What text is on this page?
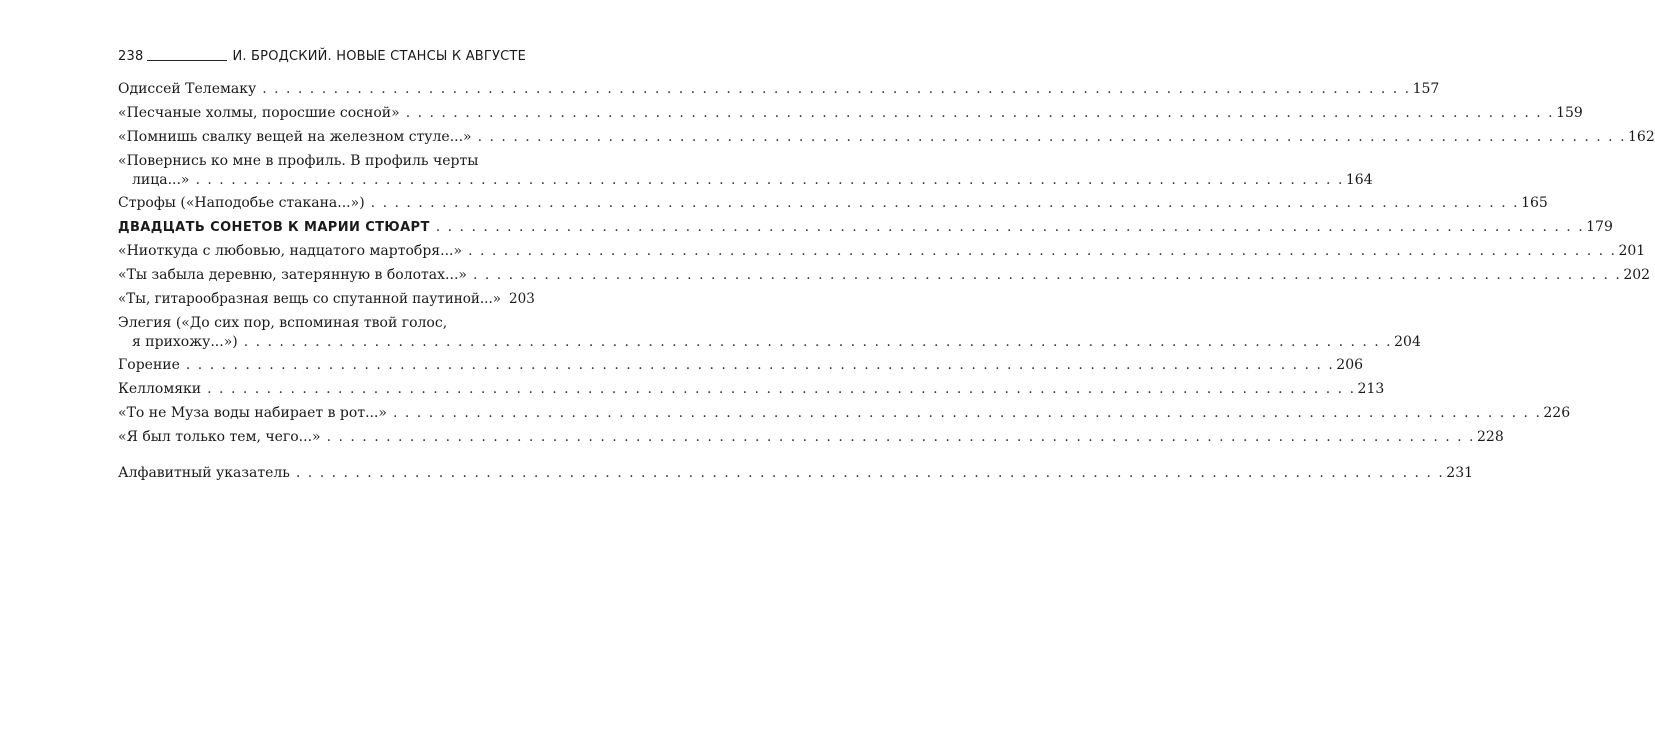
238	И. БРОДСКИЙ. НОВЫЕ СТАНСЫ К АВГУСТЕ
Одиссей Телемаку . . . . . . . . . . . . . . . . . . . . . . . . . . . . . . . . . . . . . . . . . . . . . . . . . . . . . . . . . . . . . . . . . . . . . . . . . . . . . . . . . . . . . . . . . . . . . . . . . 157
«Песчаные холмы, поросшие сосной» . . . . . . . . . . . . . . . . . . . . . . . . . . . . . . . . . . . . . . . . . . . . . . . . . . . . . . . . . . . . . . . . . . . . . . . . . . . . . . . . . . . . . . . . . . . . . . . . . 159
«Помнишь свалку вещей на железном стуле...» . . . . . . . . . . . . . . . . . . . . . . . . . . . . . . . . . . . . . . . . . . . . . . . . . . . . . . . . . . . . . . . . . . . . . . . . . . . . . . . . . . . . . . . . . . . . . . . . . 162
«Повернись ко мне в профиль. В профиль черты
лица...» . . . . . . . . . . . . . . . . . . . . . . . . . . . . . . . . . . . . . . . . . . . . . . . . . . . . . . . . . . . . . . . . . . . . . . . . . . . . . . . . . . . . . . . . . . . . . . . . . 164
Строфы («Наподобье стакана...») . . . . . . . . . . . . . . . . . . . . . . . . . . . . . . . . . . . . . . . . . . . . . . . . . . . . . . . . . . . . . . . . . . . . . . . . . . . . . . . . . . . . . . . . . . . . . . . . . 165
ДВАДЦАТЬ СОНЕТОВ К МАРИИ СТЮАРТ . . . . . . . . . . . . . . . . . . . . . . . . . . . . . . . . . . . . . . . . . . . . . . . . . . . . . . . . . . . . . . . . . . . . . . . . . . . . . . . . . . . . . . . . . . . . . . . . . 179
«Ниоткуда с любовью, надцатого мартобря...» . . . . . . . . . . . . . . . . . . . . . . . . . . . . . . . . . . . . . . . . . . . . . . . . . . . . . . . . . . . . . . . . . . . . . . . . . . . . . . . . . . . . . . . . . . . . . . . . . 201
«Ты забыла деревню, затерянную в болотах...» . . . . . . . . . . . . . . . . . . . . . . . . . . . . . . . . . . . . . . . . . . . . . . . . . . . . . . . . . . . . . . . . . . . . . . . . . . . . . . . . . . . . . . . . . . . . . . . . . 202
«Ты, гитарообразная вещь со спутанной паутиной...» 203
Элегия («До сих пор, вспоминая твой голос,
я прихожу...») . . . . . . . . . . . . . . . . . . . . . . . . . . . . . . . . . . . . . . . . . . . . . . . . . . . . . . . . . . . . . . . . . . . . . . . . . . . . . . . . . . . . . . . . . . . . . . . . . 204
Горение . . . . . . . . . . . . . . . . . . . . . . . . . . . . . . . . . . . . . . . . . . . . . . . . . . . . . . . . . . . . . . . . . . . . . . . . . . . . . . . . . . . . . . . . . . . . . . . . . 206
Келломяки . . . . . . . . . . . . . . . . . . . . . . . . . . . . . . . . . . . . . . . . . . . . . . . . . . . . . . . . . . . . . . . . . . . . . . . . . . . . . . . . . . . . . . . . . . . . . . . . . 213
«То не Муза воды набирает в рот...» . . . . . . . . . . . . . . . . . . . . . . . . . . . . . . . . . . . . . . . . . . . . . . . . . . . . . . . . . . . . . . . . . . . . . . . . . . . . . . . . . . . . . . . . . . . . . . . . . 226
«Я был только тем, чего...» . . . . . . . . . . . . . . . . . . . . . . . . . . . . . . . . . . . . . . . . . . . . . . . . . . . . . . . . . . . . . . . . . . . . . . . . . . . . . . . . . . . . . . . . . . . . . . . . . 228
Алфавитный указатель . . . . . . . . . . . . . . . . . . . . . . . . . . . . . . . . . . . . . . . . . . . . . . . . . . . . . . . . . . . . . . . . . . . . . . . . . . . . . . . . . . . . . . . . . . . . . . . . . 231
